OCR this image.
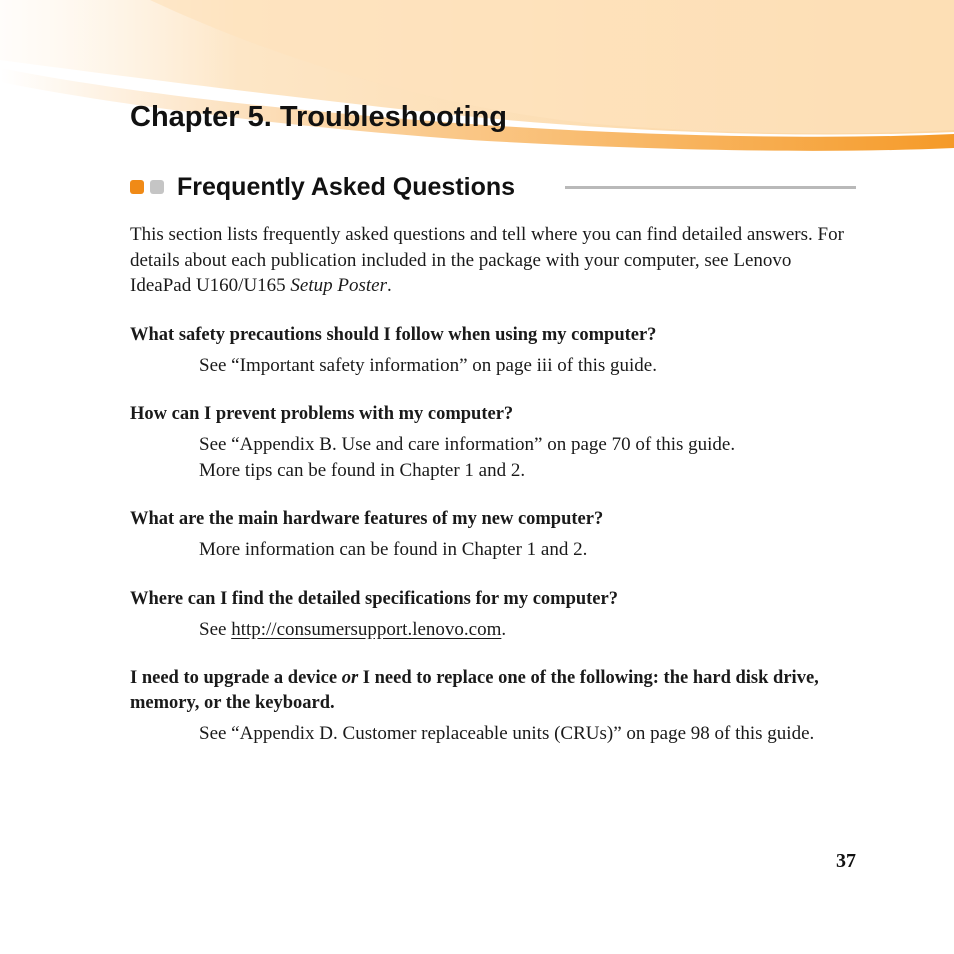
Chapter 5. Troubleshooting
Frequently Asked Questions

This section lists frequently asked questions and tell where you can find detailed answers. For details about each publication included in the package with your computer, see Lenovo IdeaPad U160/U165 Setup Poster.

What safety precautions should I follow when using my computer?

See “Important safety information” on page iii of this guide.

How can I prevent problems with my computer?

See “Appendix B. Use and care information” on page 70 of this guide.
More tips can be found in Chapter 1 and 2.

What are the main hardware features of my new computer?

More information can be found in Chapter 1 and 2.

Where can I find the detailed specifications for my computer?

See http://consumersupport.lenovo.com.

I need to upgrade a device or I need to replace one of the following: the hard disk drive, memory, or the keyboard.

See “Appendix D. Customer replaceable units (CRUs)” on page 98 of this guide.

37
